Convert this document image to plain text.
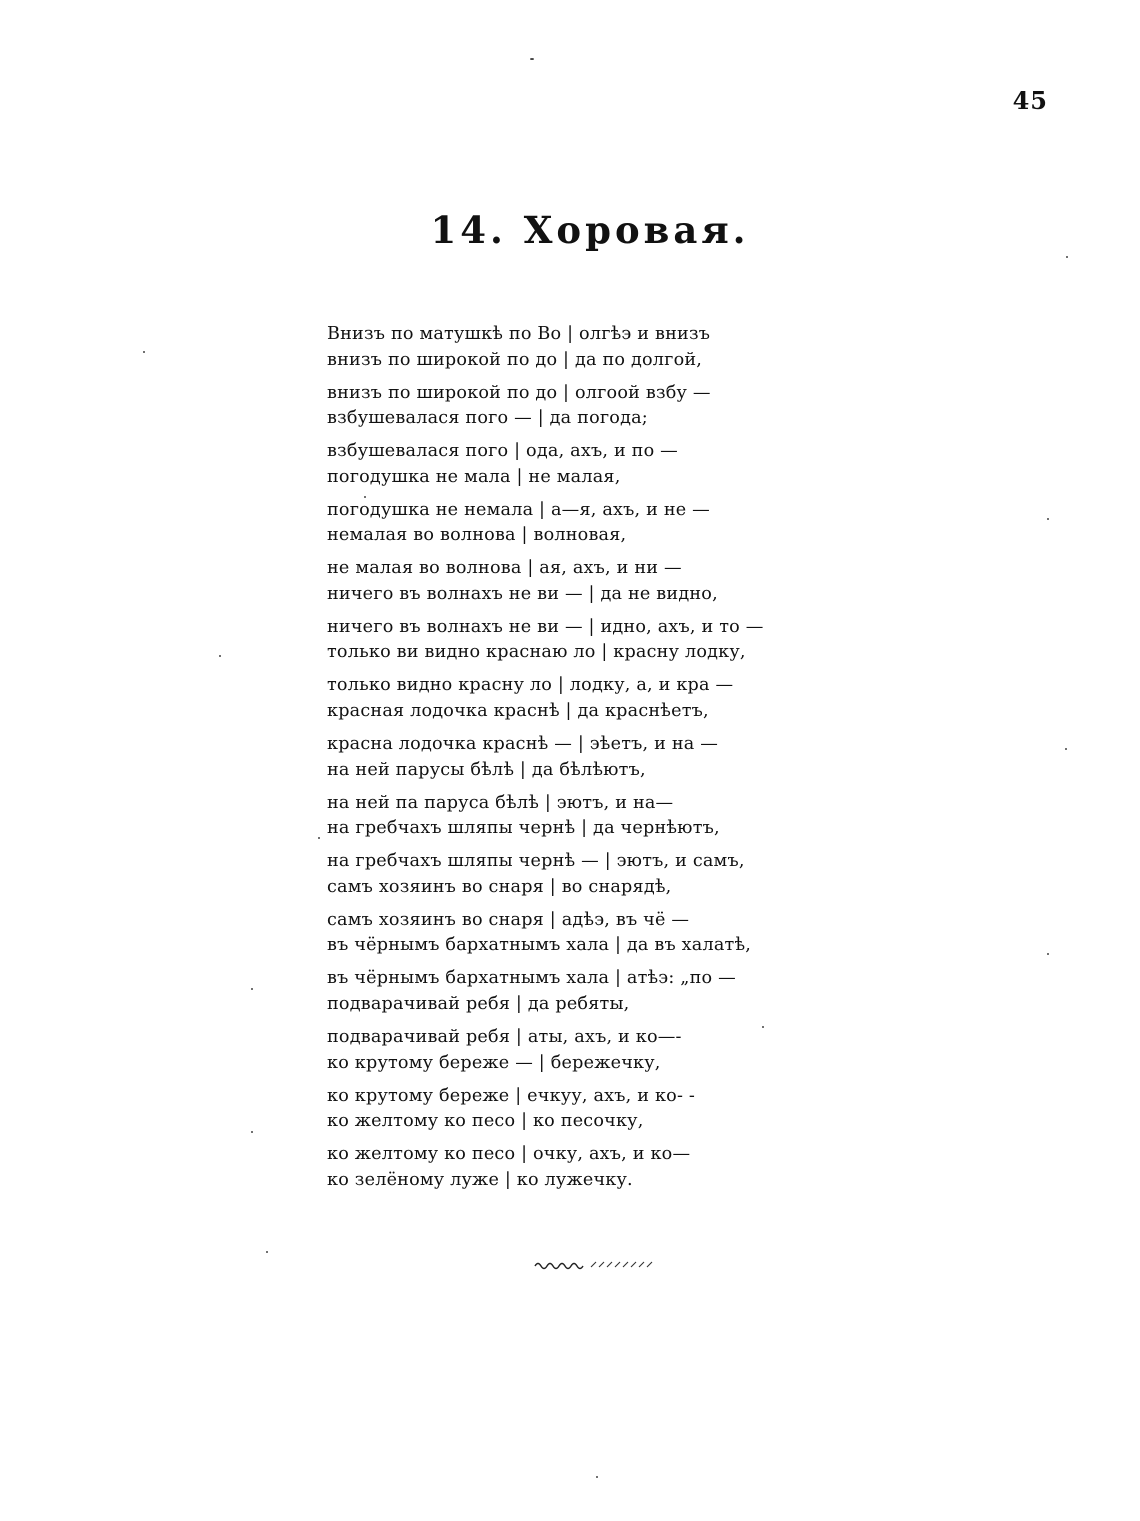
45
14. Хоровая.
Внизъ по матушкѣ по Во | олгѣэ и внизъ
внизъ по широкой по до | да по долгой,
внизъ по широкой по до | олгоой взбу —
взбушевалася пого — | да погода;
взбушевалася пого | ода, ахъ, и по —
погодушка не мала | не малая,
погодушка не немала | а—я, ахъ, и не —
немалая во волнова | волновая,
не малая во волнова | ая, ахъ, и ни —
ничего въ волнахъ не ви — | да не видно,
ничего въ волнахъ не ви — | идно, ахъ, и то —
только ви видно краснаю ло | красну лодку,
только видно красну ло | лодку, а, и кра —
красная лодочка краснѣ | да краснѣетъ,
красна лодочка краснѣ — | эѣетъ, и на —
на ней парусы бѣлѣ | да бѣлѣютъ,
на ней па паруса бѣлѣ | эютъ, и на—
на гребчахъ шляпы чернѣ | да чернѣютъ,
на гребчахъ шляпы чернѣ — | эютъ, и самъ,
самъ хозяинъ во снаря | во снарядѣ,
самъ хозяинъ во снаря | адѣэ, въ чё —
въ чёрнымъ бархатнымъ хала | да въ халатѣ,
въ чёрнымъ бархатнымъ хала | атѣэ: „по —
подварачивай ребя | да ребяты,
подварачивай ребя | аты, ахъ, и ко—-
ко крутому береже — | бережечку,
ко крутому береже | ечкуу, ахъ, и ко- -
ко желтому ко песо | ко песочку,
ко желтому ко песо | очку, ахъ, и ко—
ко зелёному луже | ко лужечку.
